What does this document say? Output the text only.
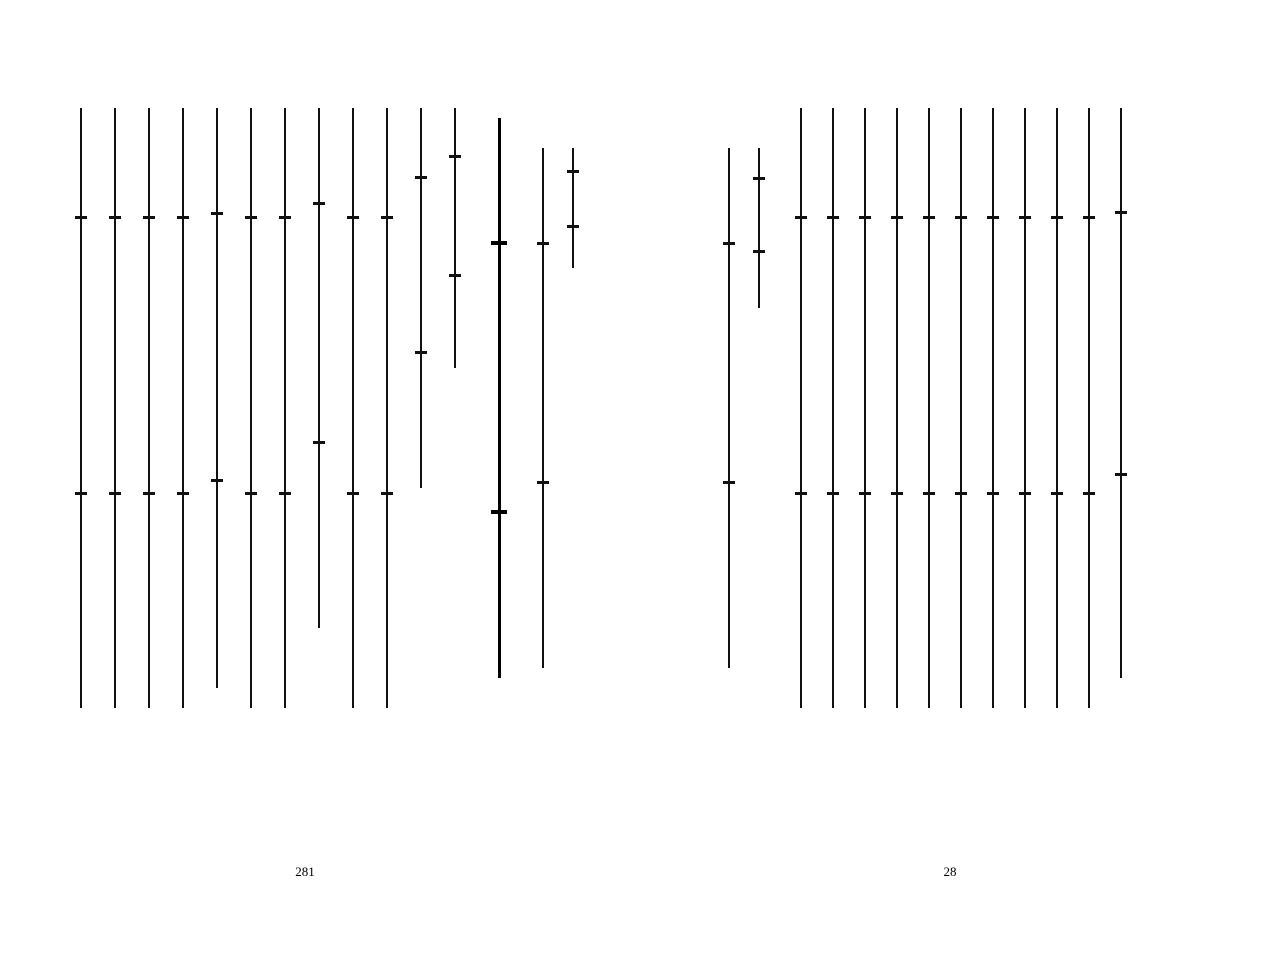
281	28
